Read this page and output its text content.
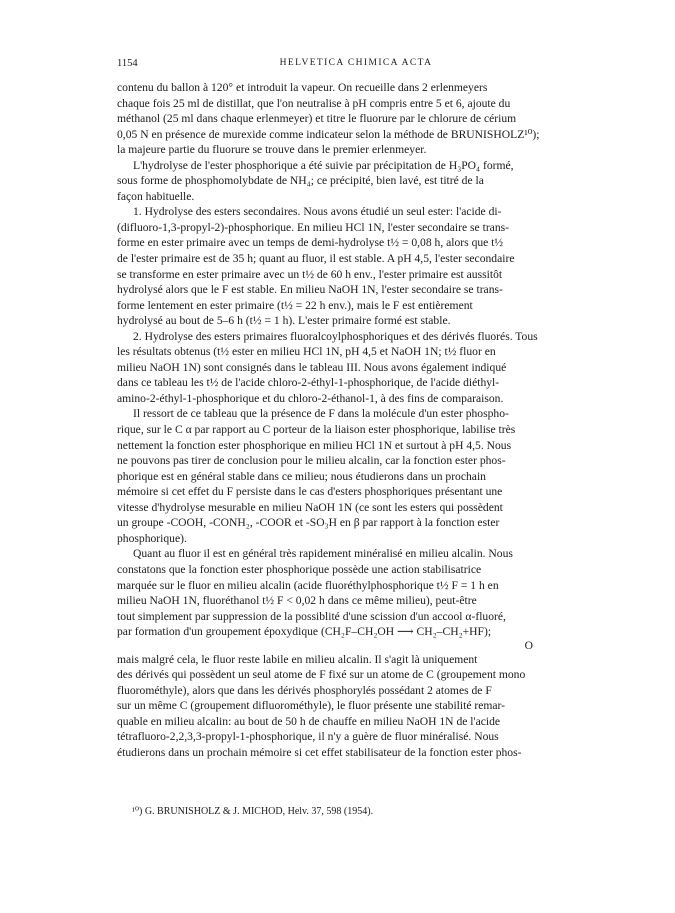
1154	HELVETICA CHIMICA ACTA

contenu du ballon à 120° et introduit la vapeur. On recueille dans 2 erlenmeyers

chaque fois 25 ml de distillat, que l'on neutralise à pH compris entre 5 et 6, ajoute du

méthanol (25 ml dans chaque erlenmeyer) et titre le fluorure par le chlorure de cérium

0,05 N en présence de murexide comme indicateur selon la méthode de BRUNISHOLZ¹⁰);

la majeure partie du fluorure se trouve dans le premier erlenmeyer.

L'hydrolyse de l'ester phosphorique a été suivie par précipitation de H₃PO₄ formé,

sous forme de phosphomolybdate de NH₄; ce précipité, bien lavé, est titré de la

façon habituelle.

1. Hydrolyse des esters secondaires. Nous avons étudié un seul ester: l'acide di-

(difluoro-1,3-propyl-2)-phosphorique. En milieu HCl 1N, l'ester secondaire se trans-

forme en ester primaire avec un temps de demi-hydrolyse t½ = 0,08 h, alors que t½

de l'ester primaire est de 35 h; quant au fluor, il est stable. A pH 4,5, l'ester secondaire

se transforme en ester primaire avec un t½ de 60 h env., l'ester primaire est aussitôt

hydrolysé alors que le F est stable. En milieu NaOH 1N, l'ester secondaire se trans-

forme lentement en ester primaire (t½ = 22 h env.), mais le F est entièrement

hydrolysé au bout de 5–6 h (t½ = 1 h). L'ester primaire formé est stable.

2. Hydrolyse des esters primaires fluoralcoylphosphoriques et des dérivés fluorés. Tous

les résultats obtenus (t½ ester en milieu HCl 1N, pH 4,5 et NaOH 1N; t½ fluor en

milieu NaOH 1N) sont consignés dans le tableau III. Nous avons également indiqué

dans ce tableau les t½ de l'acide chloro-2-éthyl-1-phosphorique, de l'acide diéthyl-

amino-2-éthyl-1-phosphorique et du chloro-2-éthanol-1, à des fins de comparaison.

Il ressort de ce tableau que la présence de F dans la molécule d'un ester phospho-

rique, sur le C α par rapport au C porteur de la liaison ester phosphorique, labilise très

nettement la fonction ester phosphorique en milieu HCl 1N et surtout à pH 4,5. Nous

ne pouvons pas tirer de conclusion pour le milieu alcalin, car la fonction ester phos-

phorique est en général stable dans ce milieu; nous étudierons dans un prochain

mémoire si cet effet du F persiste dans le cas d'esters phosphoriques présentant une

vitesse d'hydrolyse mesurable en milieu NaOH 1N (ce sont les esters qui possèdent

un groupe -COOH, -CONH₂, -COOR et -SO₃H en β par rapport à la fonction ester

phosphorique).

Quant au fluor il est en général très rapidement minéralisé en milieu alcalin. Nous

constatons que la fonction ester phosphorique possède une action stabilisatrice

marquée sur le fluor en milieu alcalin (acide fluoréthylphosphorique t½ F = 1 h en

milieu NaOH 1N, fluoréthanol t½ F < 0,02 h dans ce même milieu), peut-être

tout simplement par suppression de la possiblité d'une scission d'un accool α-fluoré,

par formation d'un groupement époxydique (CH₂F–CH₂OH ⟶ CH₂–CH₂+HF);

O

mais malgré cela, le fluor reste labile en milieu alcalin. Il s'agit là uniquement

des dérivés qui possèdent un seul atome de F fixé sur un atome de C (groupement mono

fluorométhyle), alors que dans les dérivés phosphorylés possédant 2 atomes de F

sur un même C (groupement difluorométhyle), le fluor présente une stabilité remar-

quable en milieu alcalin: au bout de 50 h de chauffe en milieu NaOH 1N de l'acide

tétrafluoro-2,2,3,3-propyl-1-phosphorique, il n'y a guère de fluor minéralisé. Nous

étudierons dans un prochain mémoire si cet effet stabilisateur de la fonction ester phos-

¹⁰) G. BRUNISHOLZ & J. MICHOD, Helv. 37, 598 (1954).
